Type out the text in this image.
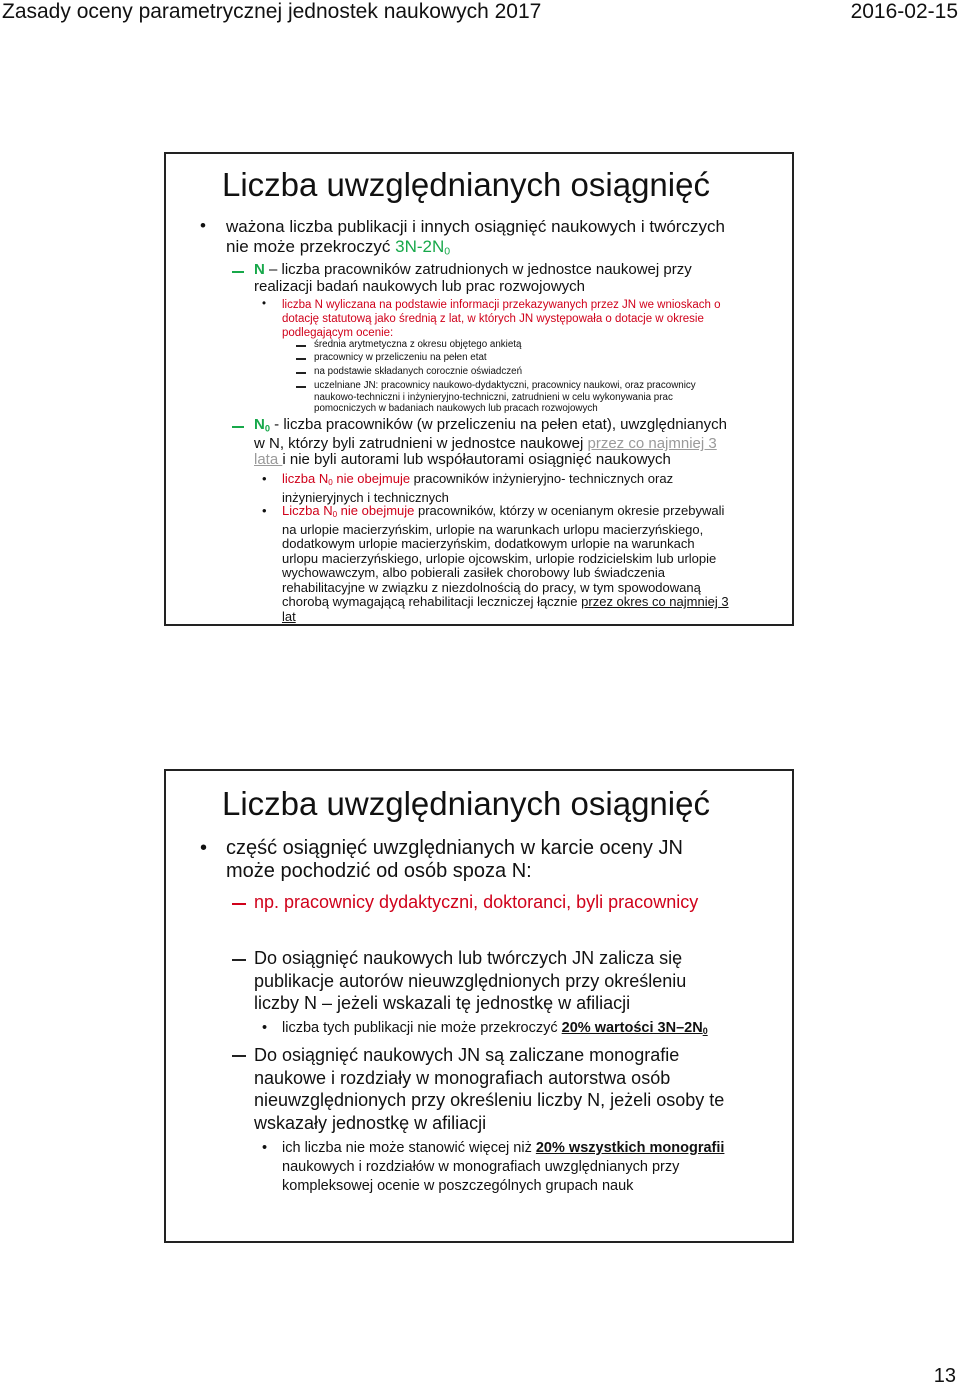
Zasady oceny parametrycznej jednostek naukowych 2017	2016-02-15
Liczba uwzględnianych osiągnięć
• ważona liczba publikacji i innych osiągnięć naukowych i twórczych
nie może przekroczyć $3N-2N_0$
N – liczba pracowników zatrudnionych w jednostce naukowej przy
realizacji badań naukowych lub prac rozwojowych
• liczba N wyliczana na podstawie informacji przekazywanych przez JN we wnioskach o
dotację statutową jako średnią z lat, w których JN występowała o dotacje w okresie
podlegającym ocenie:
średnia arytmetyczna z okresu objętego ankietą
pracownicy w przeliczeniu na pełen etat
na podstawie składanych corocznie oświadczeń
uczelniane JN: pracownicy naukowo-dydaktyczni, pracownicy naukowi, oraz pracownicy
naukowo-techniczni i inżynieryjno-techniczni, zatrudnieni w celu wykonywania prac
pomocniczych w badaniach naukowych lub pracach rozwojowych
$N_0$ - liczba pracowników (w przeliczeniu na pełen etat), uwzględnianych
w N, którzy byli zatrudnieni w jednostce naukowej przez co najmniej 3
lata i nie byli autorami lub współautorami osiągnięć naukowych
• liczba $N_0$ nie obejmuje pracowników inżynieryjno- technicznych oraz
inżynieryjnych i technicznych
• Liczba $N_0$ nie obejmuje pracowników, którzy w ocenianym okresie przebywali
na urlopie macierzyńskim, urlopie na warunkach urlopu macierzyńskiego,
dodatkowym urlopie macierzyńskim, dodatkowym urlopie na warunkach
urlopu macierzyńskiego, urlopie ojcowskim, urlopie rodzicielskim lub urlopie
wychowawczym, albo pobierali zasiłek chorobowy lub świadczenia
rehabilitacyjne w związku z niezdolnością do pracy, w tym spowodowaną
chorobą wymagającą rehabilitacji leczniczej łącznie przez okres co najmniej 3
lat
Liczba uwzględnianych osiągnięć
• część osiągnięć uwzględnianych w karcie oceny JN
może pochodzić od osób spoza N:
np. pracownicy dydaktyczni, doktoranci, byli pracownicy
Do osiągnięć naukowych lub twórczych JN zalicza się
publikacje autorów nieuwzględnionych przy określeniu
liczby N – jeżeli wskazali tę jednostkę w afiliacji
• liczba tych publikacji nie może przekroczyć 20% wartości $3N-2N_0$
Do osiągnięć naukowych JN są zaliczane monografie
naukowe i rozdziały w monografiach autorstwa osób
nieuwzględnionych przy określeniu liczby N, jeżeli osoby te
wskazały jednostkę w afiliacji
• ich liczba nie może stanowić więcej niż 20% wszystkich monografii
naukowych i rozdziałów w monografiach uwzględnianych przy
kompleksowej ocenie w poszczególnych grupach nauk
13
